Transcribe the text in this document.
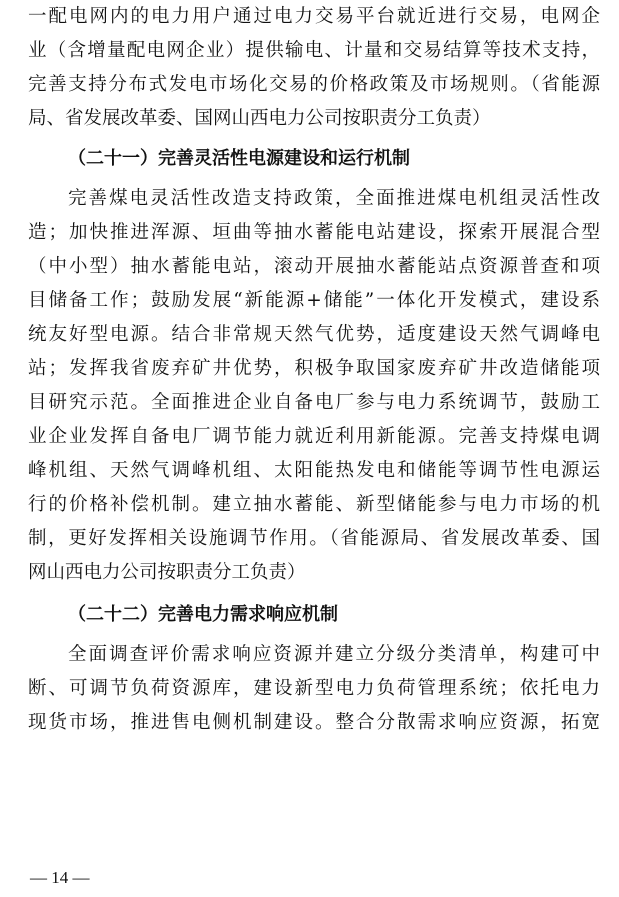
一配电网内的电力用户通过电力交易平台就近进行交易，电网企
业（含增量配电网企业）提供输电、计量和交易结算等技术支持，
完善支持分布式发电市场化交易的价格政策及市场规则。（省能源
局、省发展改革委、国网山西电力公司按职责分工负责）
（二十一）完善灵活性电源建设和运行机制
完善煤电灵活性改造支持政策，全面推进煤电机组灵活性改
造；加快推进浑源、垣曲等抽水蓄能电站建设，探索开展混合型
（中小型）抽水蓄能电站，滚动开展抽水蓄能站点资源普查和项
目储备工作；鼓励发展“新能源+储能”一体化开发模式，建设系
统友好型电源。结合非常规天然气优势，适度建设天然气调峰电
站；发挥我省废弃矿井优势，积极争取国家废弃矿井改造储能项
目研究示范。全面推进企业自备电厂参与电力系统调节，鼓励工
业企业发挥自备电厂调节能力就近利用新能源。完善支持煤电调
峰机组、天然气调峰机组、太阳能热发电和储能等调节性电源运
行的价格补偿机制。建立抽水蓄能、新型储能参与电力市场的机
制，更好发挥相关设施调节作用。（省能源局、省发展改革委、国
网山西电力公司按职责分工负责）
（二十二）完善电力需求响应机制
全面调查评价需求响应资源并建立分级分类清单，构建可中
断、可调节负荷资源库，建设新型电力负荷管理系统；依托电力
现货市场，推进售电侧机制建设。整合分散需求响应资源，拓宽
— 14 —
